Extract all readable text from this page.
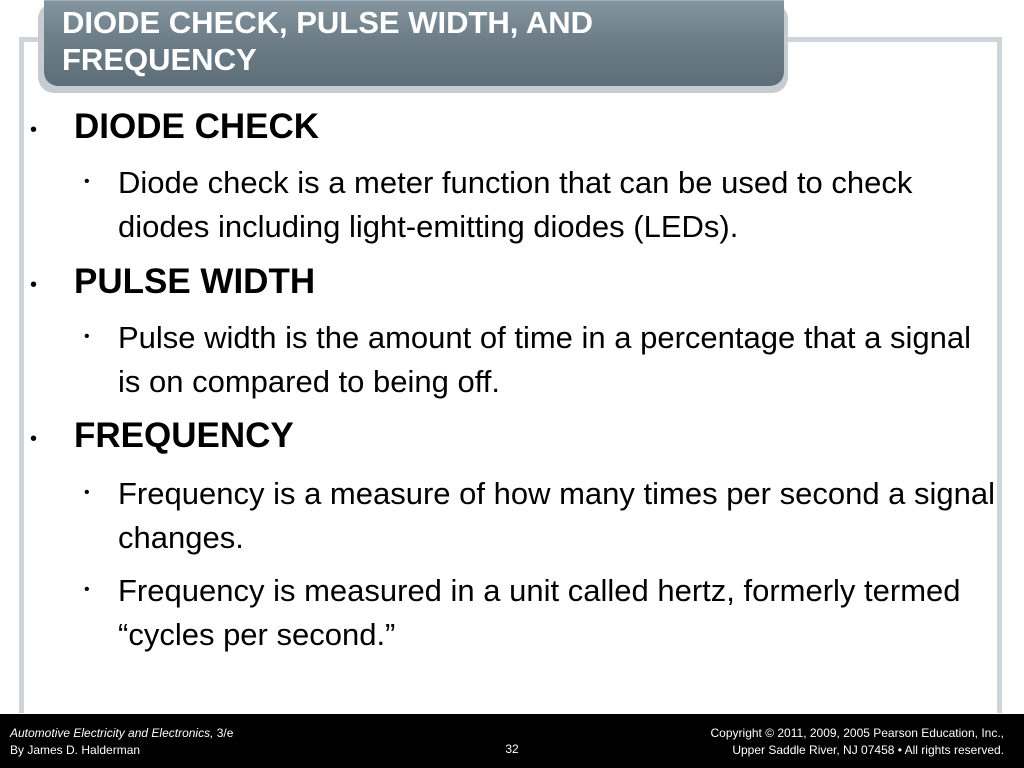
DIODE CHECK, PULSE WIDTH, AND
FREQUENCY
• DIODE CHECK
• Diode check is a meter function that can be used to check diodes including light-emitting diodes (LEDs).
• PULSE WIDTH
• Pulse width is the amount of time in a percentage that a signal is on compared to being off.
• FREQUENCY
• Frequency is a measure of how many times per second a signal changes.
• Frequency is measured in a unit called hertz, formerly termed “cycles per second.”
Automotive Electricity and Electronics, 3/e
By James D. Halderman	32
Copyright © 2011, 2009, 2005 Pearson Education, Inc.,
Upper Saddle River, NJ 07458 • All rights reserved.
